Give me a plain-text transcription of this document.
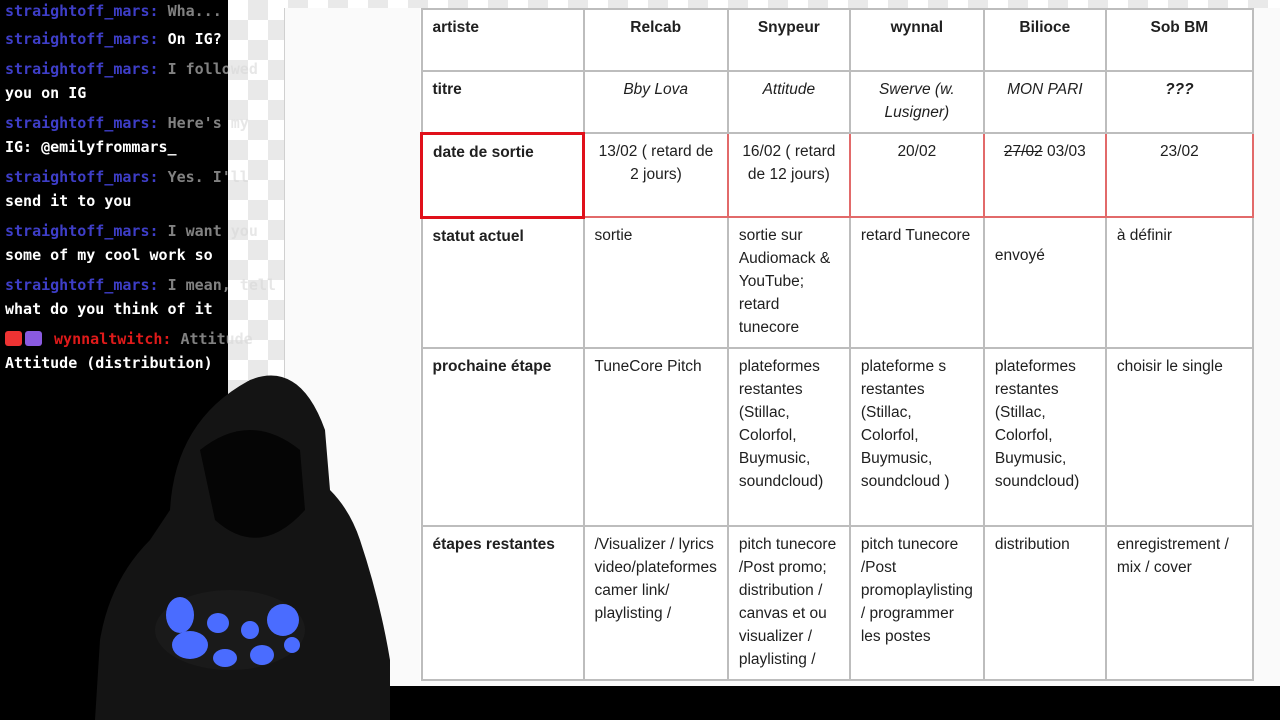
artiste	Relcab	Snypeur	wynnal	Bilioce	Sob BM
titre	Bby Lova	Attitude	Swerve (w. Lusigner)	MON PARI	???
date de sortie	13/02 ( retard de 2 jours)	16/02 ( retard de 12 jours)	20/02	27/02 03/03	23/02
statut actuel	sortie	sortie sur Audiomack & YouTube; retard tunecore	retard Tunecore	envoyé	à définir
prochaine étape	TuneCore Pitch	plateformes restantes (Stillac, Colorfol, Buymusic, soundcloud)	plateforme s restantes (Stillac, Colorfol, Buymusic, soundcloud )	plateformes restantes (Stillac, Colorfol, Buymusic, soundcloud)	choisir le single
étapes restantes	/Visualizer / lyrics video/plateformes camer link/ playlisting /	pitch tunecore /Post promo; distribution / canvas et ou visualizer / playlisting /	pitch tunecore /Post promoplaylisting / programmer les postes	distribution	enregistrement / mix / cover
straightoff_mars: Wha...
straightoff_mars: On IG?
straightoff_mars: I followed
you on IG
straightoff_mars: Here's my
IG: @emilyfrommars_
straightoff_mars: Yes. I'll
send it to you
straightoff_mars: I want you
some of my cool work so
straightoff_mars: I mean, tell
what do you think of it
wynnaltwitch: Attitude
Attitude (distribution)
